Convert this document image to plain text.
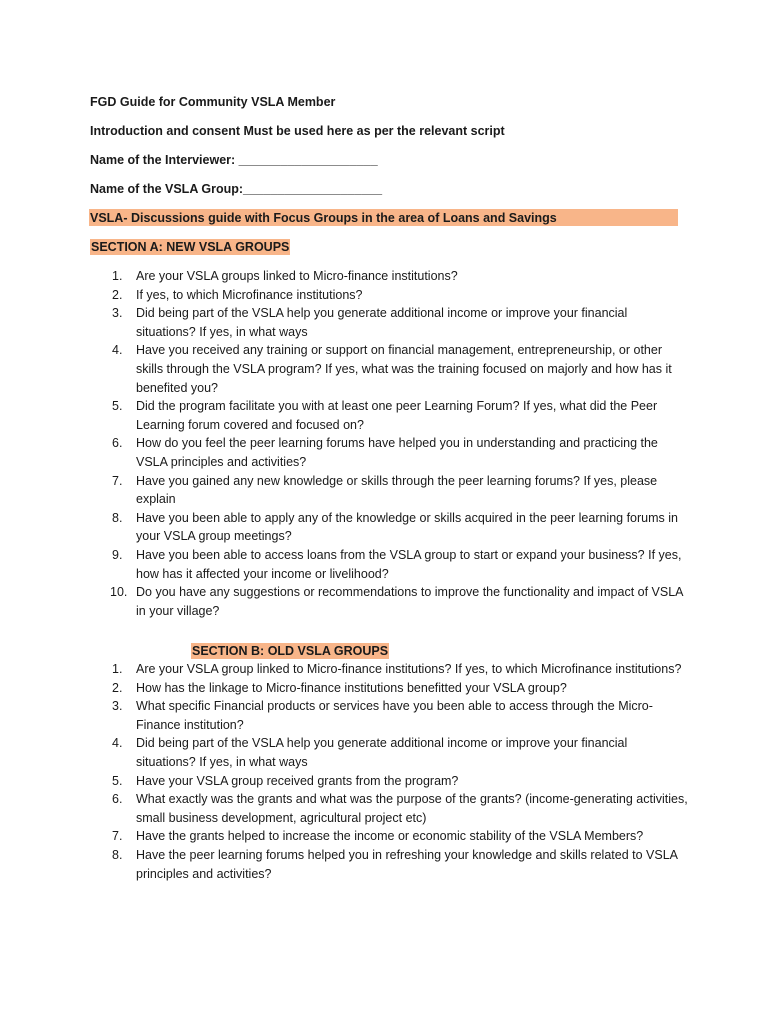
FGD Guide for Community VSLA Member
Introduction and consent Must be used here as per the relevant script
Name of the Interviewer: ____________________
Name of the VSLA Group:____________________
VSLA- Discussions guide with Focus Groups in the area of Loans and Savings
SECTION A: NEW VSLA GROUPS
1.	Are your VSLA groups linked to Micro-finance institutions?
2.	If yes, to which Microfinance institutions?
3.	Did being part of the VSLA help you generate additional income or improve your financial situations? If yes, in what ways
4.	Have you received any training or support on financial management, entrepreneurship, or other skills through the VSLA program? If yes, what was the training focused on majorly and how has it benefited you?
5.	Did the program facilitate you with at least one peer Learning Forum? If yes, what did the Peer Learning forum covered and focused on?
6.	How do you feel the peer learning forums have helped you in understanding and practicing the VSLA principles and activities?
7.	Have you gained any new knowledge or skills through the peer learning forums? If yes, please explain
8.	Have you been able to apply any of the knowledge or skills acquired in the peer learning forums in your VSLA group meetings?
9.	Have you been able to access loans from the VSLA group to start or expand your business? If yes, how has it affected your income or livelihood?
10. Do you have any suggestions or recommendations to improve the functionality and impact of VSLA in your village?
SECTION B: OLD VSLA GROUPS
1.	Are your VSLA group linked to Micro-finance institutions? If yes, to which Microfinance institutions?
2.	How has the linkage to Micro-finance institutions benefitted your VSLA group?
3.	What specific Financial products or services have you been able to access through the Micro-Finance institution?
4.	Did being part of the VSLA help you generate additional income or improve your financial situations? If yes, in what ways
5.	Have your VSLA group received grants from the program?
6.	What exactly was the grants and what was the purpose of the grants? (income-generating activities, small business development, agricultural project etc)
7.	Have the grants helped to increase the income or economic stability of the VSLA Members?
8.	Have the peer learning forums helped you in refreshing your knowledge and skills related to VSLA principles and activities?
